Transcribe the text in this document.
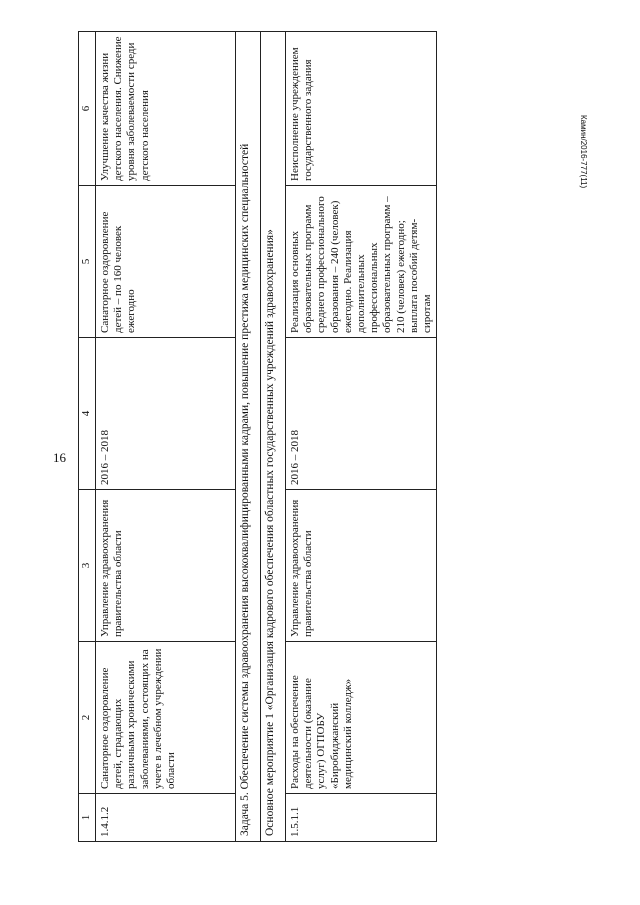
16
Камин/2016-777(11)
1	2	3	4	5	6
1.4.1.2	Санаторное оздоровление детей, страдающих различными хроническими заболеваниями, состоящих на учете в лечебном учреждении области	Управление здравоохранения правительства области	2016 – 2018	Санаторное оздоровление детей – по 160 человек ежегодно	Улучшение качества жизни детского населения. Снижение уровня заболеваемости среди детского населения
Задача 5. Обеспечение системы здравоохранения высококвалифицированными кадрами, повышение престижа медицинских специальностей					
Основное мероприятие 1 «Организация кадрового обеспечения областных государственных учреждений здравоохранения»					
1.5.1.1	Расходы на обеспечение деятельности (оказание услуг) ОГПОБУ «Биробиджанский медицинский колледж»	Управление здравоохранения правительства области	2016 – 2018	Реализация основных образовательных программ среднего профессионального образования – 240 (человек) ежегодно. Реализация дополнительных профессиональных образовательных программ – 210 (человек) ежегодно; выплата пособий детям-сиротам	Неисполнение учреждением государственного задания
